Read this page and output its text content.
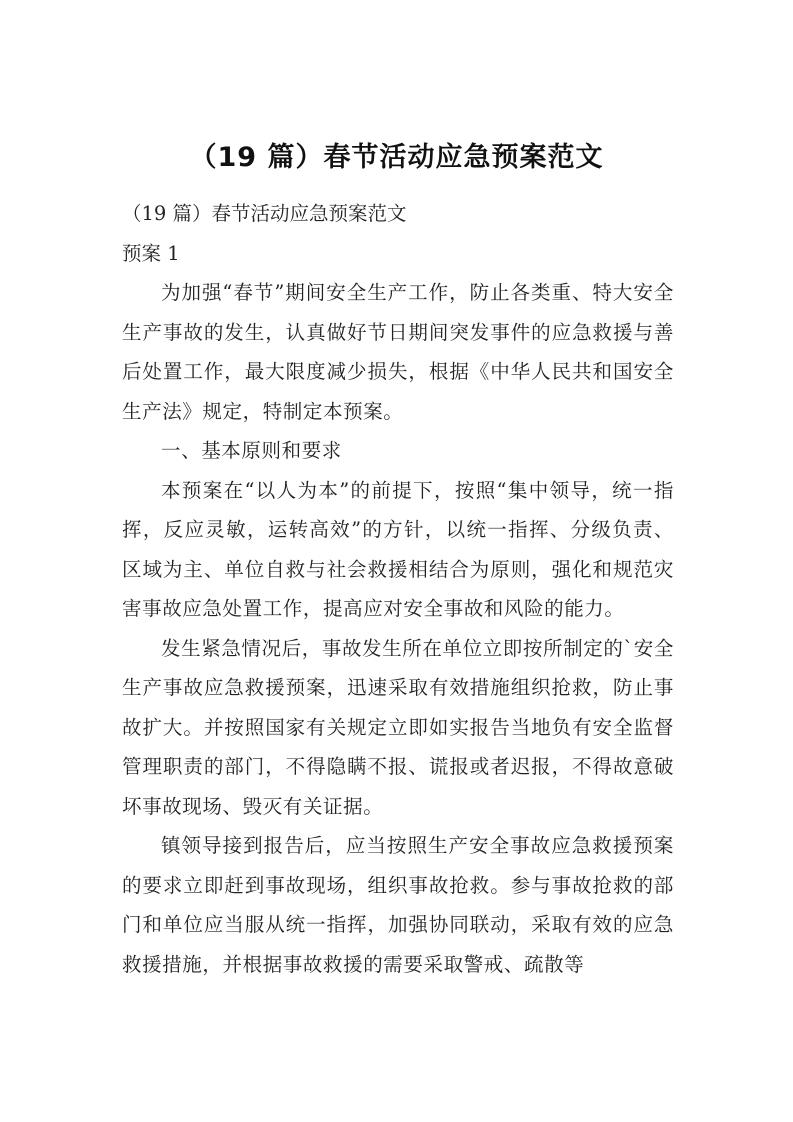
（19 篇）春节活动应急预案范文

（19 篇）春节活动应急预案范文

预案 1

为加强“春节”期间安全生产工作，防止各类重、特大安全生产事故的发生，认真做好节日期间突发事件的应急救援与善后处置工作，最大限度减少损失，根据《中华人民共和国安全生产法》规定，特制定本预案。

一、基本原则和要求

本预案在“以人为本”的前提下，按照“集中领导，统一指挥，反应灵敏，运转高效”的方针，以统一指挥、分级负责、区域为主、单位自救与社会救援相结合为原则，强化和规范灾害事故应急处置工作，提高应对安全事故和风险的能力。

发生紧急情况后，事故发生所在单位立即按所制定的`安全生产事故应急救援预案，迅速采取有效措施组织抢救，防止事故扩大。并按照国家有关规定立即如实报告当地负有安全监督管理职责的部门，不得隐瞒不报、谎报或者迟报，不得故意破坏事故现场、毁灭有关证据。

镇领导接到报告后，应当按照生产安全事故应急救援预案的要求立即赶到事故现场，组织事故抢救。参与事故抢救的部门和单位应当服从统一指挥，加强协同联动，采取有效的应急救援措施，并根据事故救援的需要采取警戒、疏散等
